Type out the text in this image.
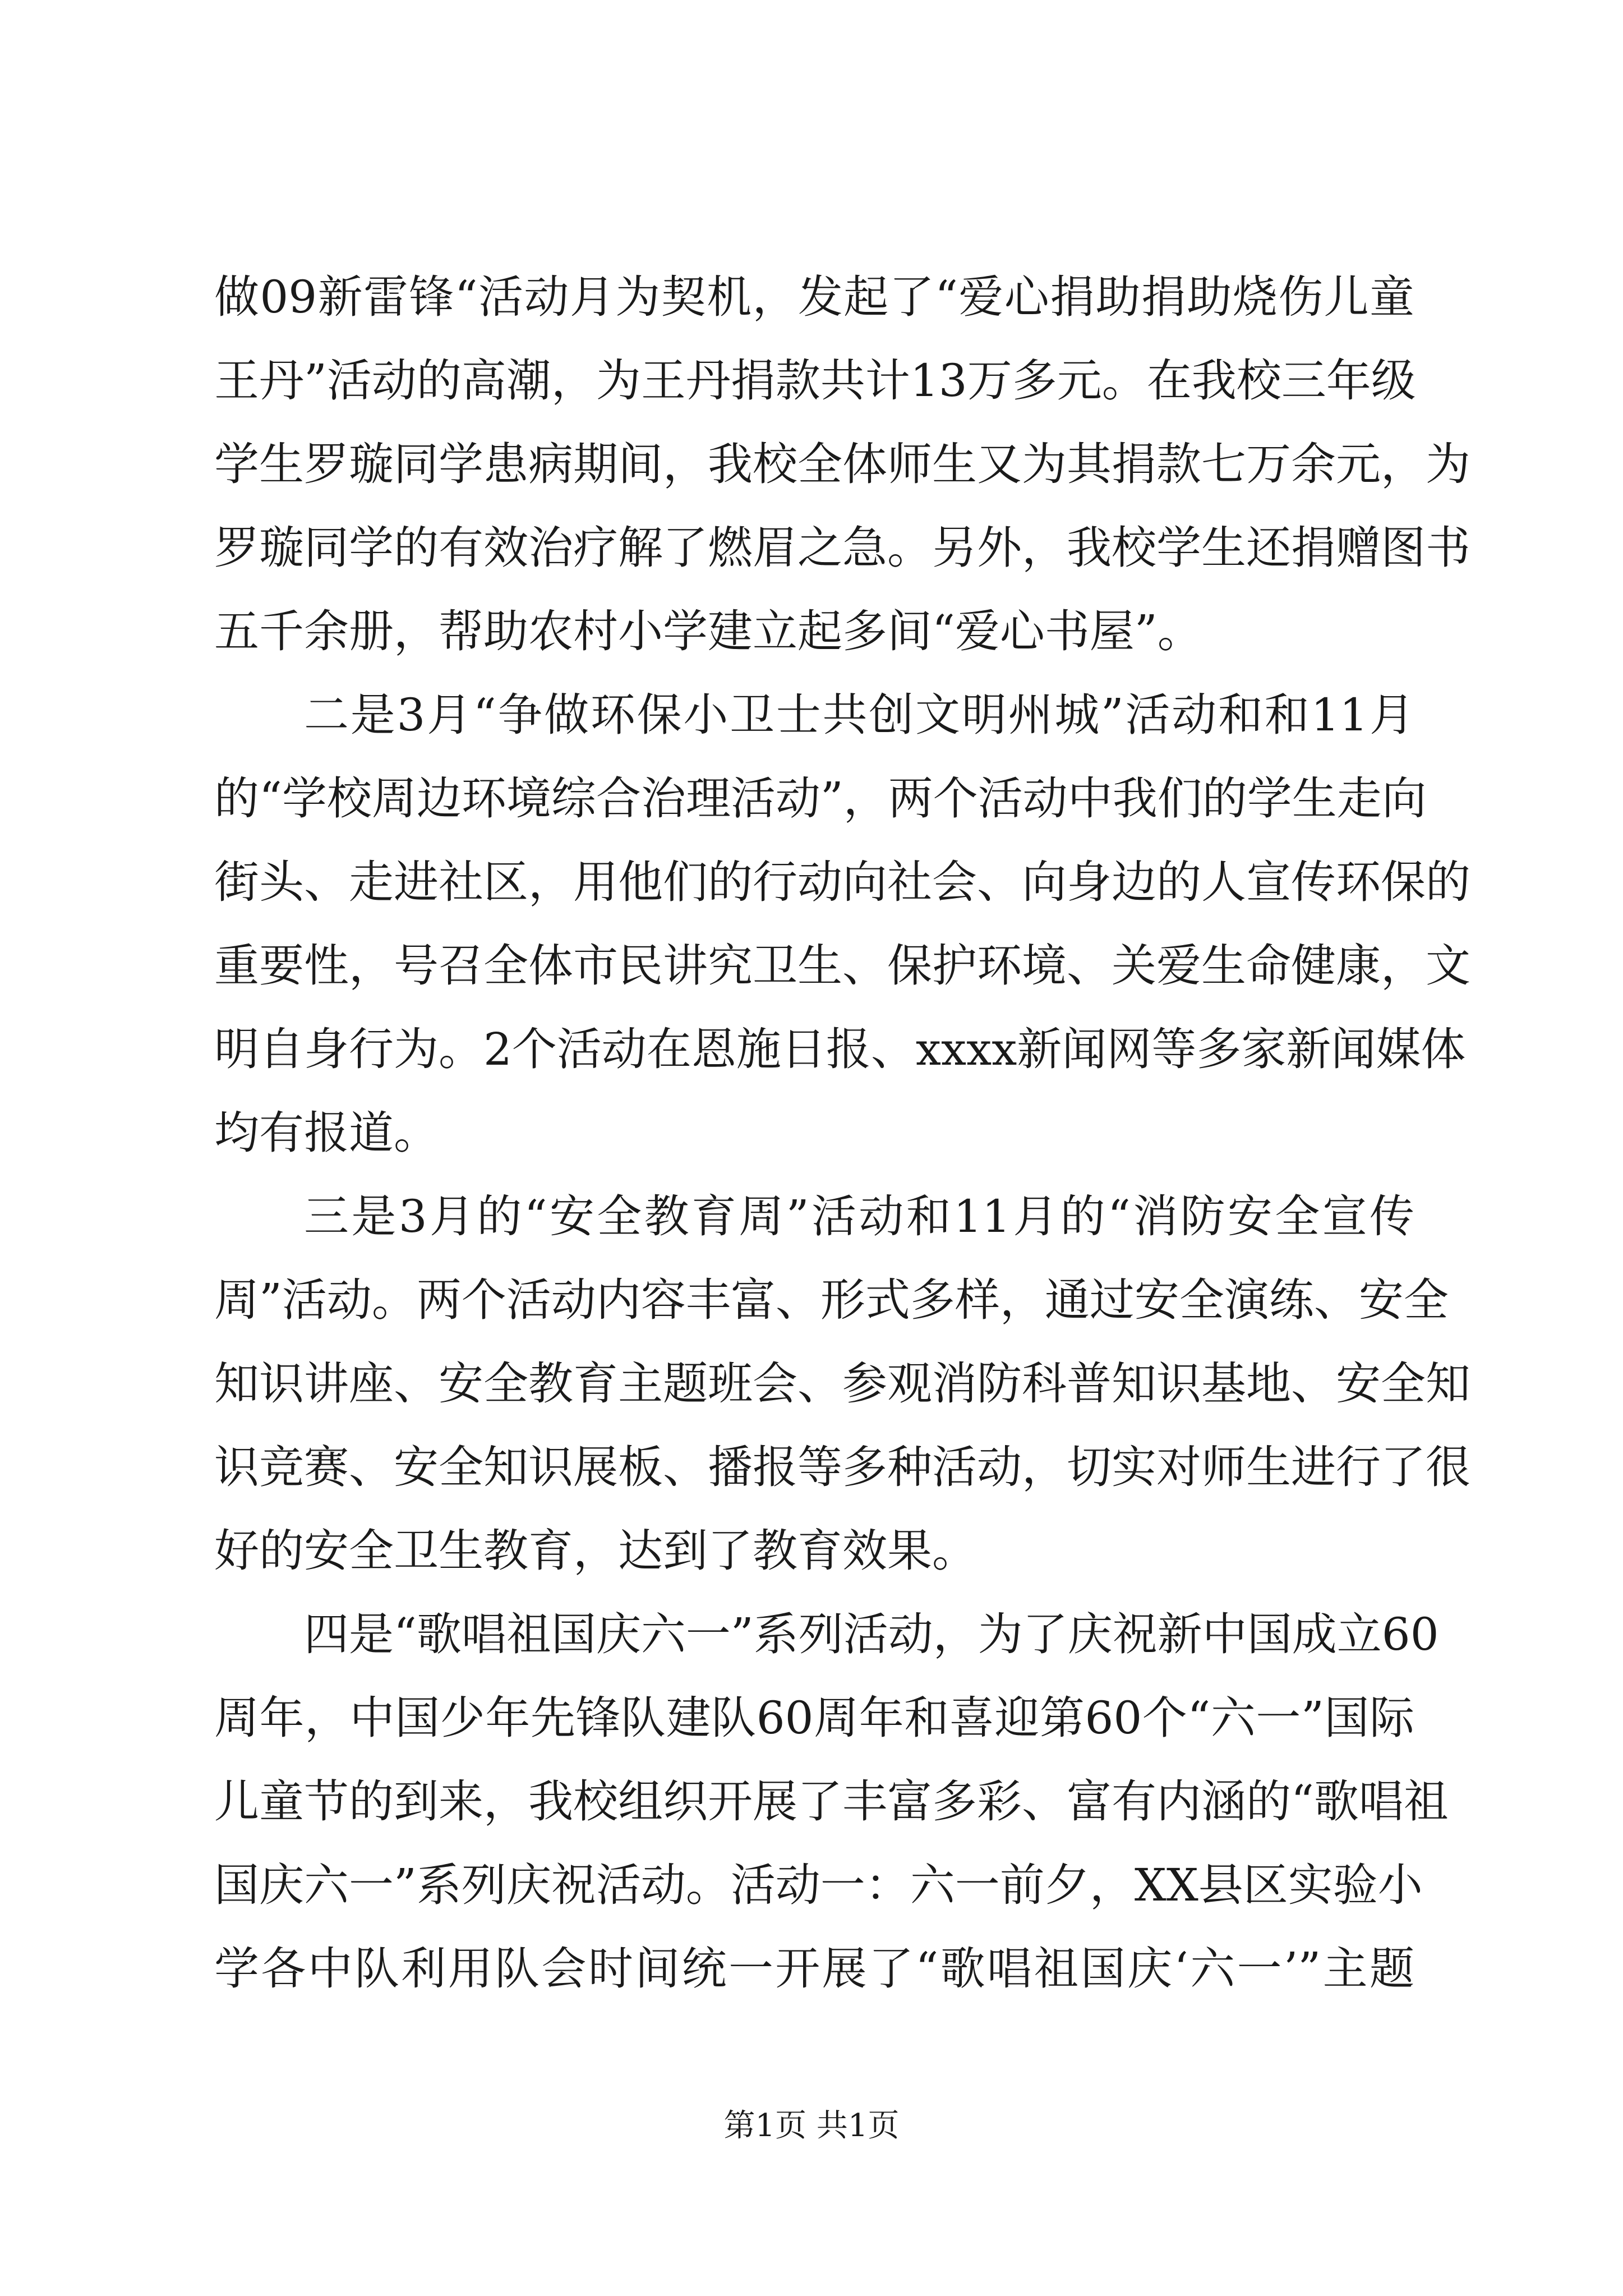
做09新雷锋“活动月为契机，发起了“爱心捐助捐助烧伤儿童
王丹”活动的高潮，为王丹捐款共计13万多元。在我校三年级
学生罗璇同学患病期间，我校全体师生又为其捐款七万余元，为
罗璇同学的有效治疗解了燃眉之急。另外，我校学生还捐赠图书
五千余册，帮助农村小学建立起多间“爱心书屋”。
二是3月“争做环保小卫士共创文明州城”活动和和11月
的“学校周边环境综合治理活动”，两个活动中我们的学生走向
街头、走进社区，用他们的行动向社会、向身边的人宣传环保的
重要性，号召全体市民讲究卫生、保护环境、关爱生命健康，文
明自身行为。2个活动在恩施日报、xxxx新闻网等多家新闻媒体
均有报道。
三是3月的“安全教育周”活动和11月的“消防安全宣传
周”活动。两个活动内容丰富、形式多样，通过安全演练、安全
知识讲座、安全教育主题班会、参观消防科普知识基地、安全知
识竞赛、安全知识展板、播报等多种活动，切实对师生进行了很
好的安全卫生教育，达到了教育效果。
四是“歌唱祖国庆六一”系列活动，为了庆祝新中国成立60
周年，中国少年先锋队建队60周年和喜迎第60个“六一”国际
儿童节的到来，我校组织开展了丰富多彩、富有内涵的“歌唱祖
国庆六一”系列庆祝活动。活动一：六一前夕，XX县区实验小
学各中队利用队会时间统一开展了“歌唱祖国庆‘六一’”主题
第1页 共1页
